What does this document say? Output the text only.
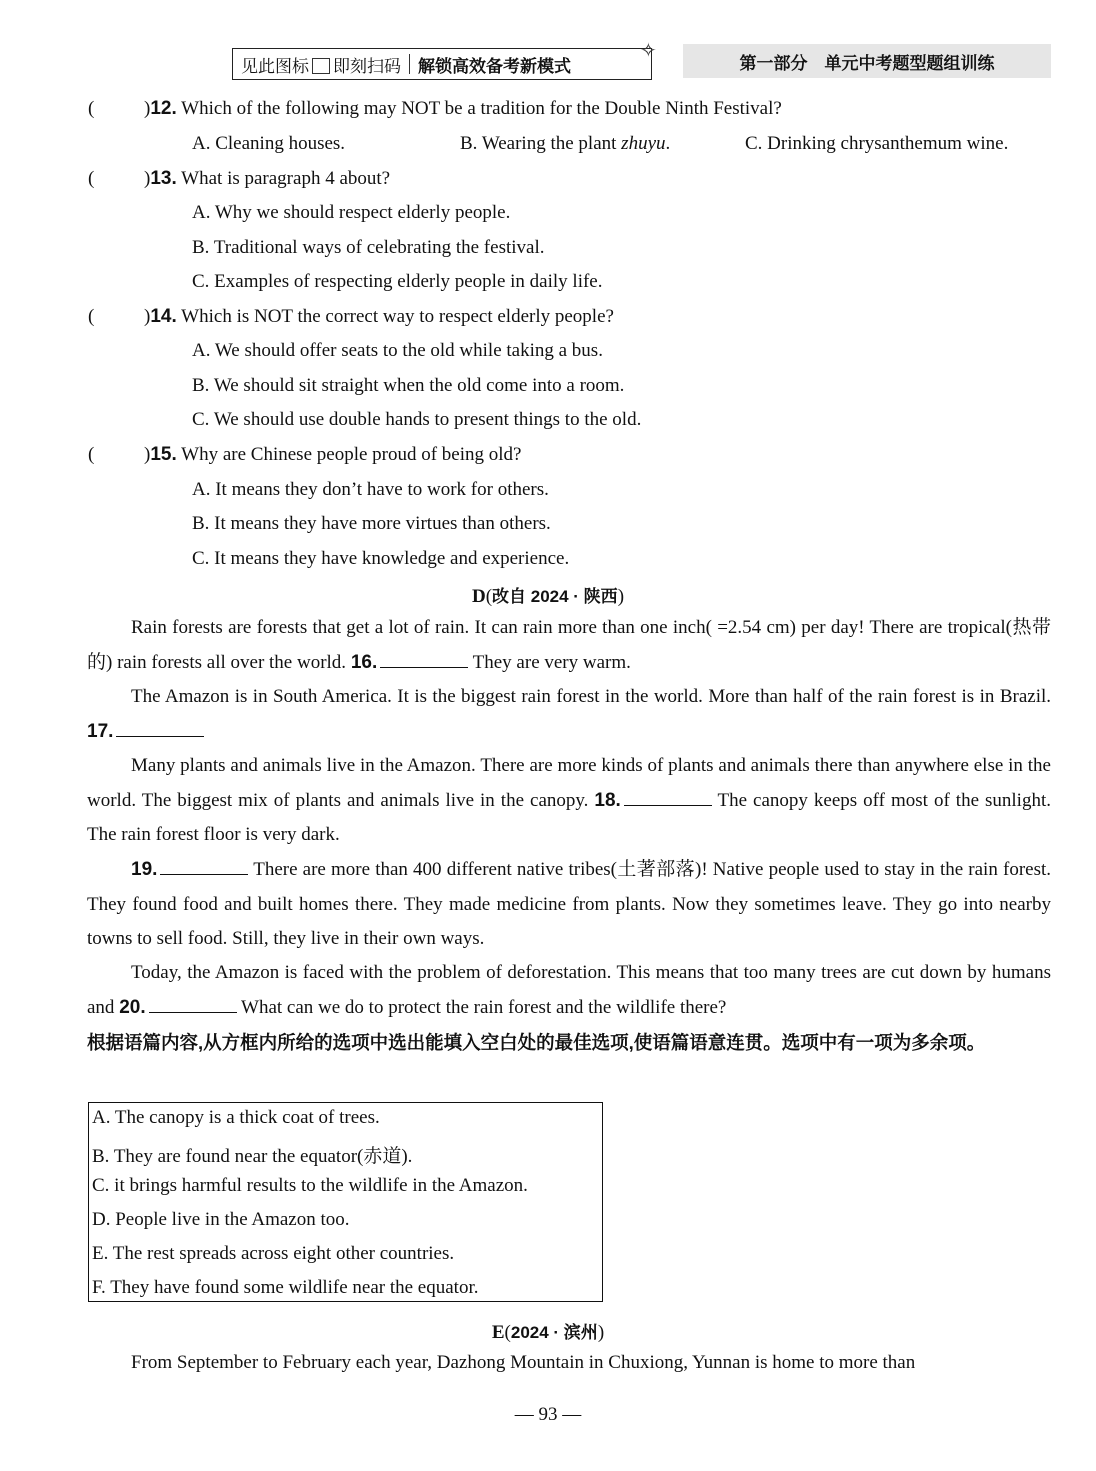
见此图标 即刻扫码 解锁高效备考新模式
✧
第一部分　单元中考题型题组训练
(	)12. Which of the following may NOT be a tradition for the Double Ninth Festival?
A. Cleaning houses.	B. Wearing the plant zhuyu.	C. Drinking chrysanthemum wine.
(	)13. What is paragraph 4 about?
A. Why we should respect elderly people.
B. Traditional ways of celebrating the festival.
C. Examples of respecting elderly people in daily life.
(	)14. Which is NOT the correct way to respect elderly people?
A. We should offer seats to the old while taking a bus.
B. We should sit straight when the old come into a room.
C. We should use double hands to present things to the old.
(	)15. Why are Chinese people proud of being old?
A. It means they don’t have to work for others.
B. It means they have more virtues than others.
C. It means they have knowledge and experience.
D(改自 2024 · 陕西)
Rain forests are forests that get a lot of rain. It can rain more than one inch( =2.54 cm) per day! There are tropical(热带的) rain forests all over the world. 16.	They are very warm.
The Amazon is in South America. It is the biggest rain forest in the world. More than half of the rain forest is in Brazil. 17.
Many plants and animals live in the Amazon. There are more kinds of plants and animals there than anywhere else in the world. The biggest mix of plants and animals live in the canopy. 18.	The canopy keeps off most of the sunlight. The rain forest floor is very dark.
19.	There are more than 400 different native tribes(土著部落)! Native people used to stay in the rain forest. They found food and built homes there. They made medicine from plants. Now they sometimes leave. They go into nearby towns to sell food. Still, they live in their own ways.
Today, the Amazon is faced with the problem of deforestation. This means that too many trees are cut down by humans and 20.	What can we do to protect the rain forest and the wildlife there?
根据语篇内容,从方框内所给的选项中选出能填入空白处的最佳选项,使语篇语意连贯。选项中有一项为多余项。
A. The canopy is a thick coat of trees.
B. They are found near the equator(赤道).
C. it brings harmful results to the wildlife in the Amazon.
D. People live in the Amazon too.
E. The rest spreads across eight other countries.
F. They have found some wildlife near the equator.
E(2024 · 滨州)
From September to February each year, Dazhong Mountain in Chuxiong, Yunnan is home to more than
— 93 —
